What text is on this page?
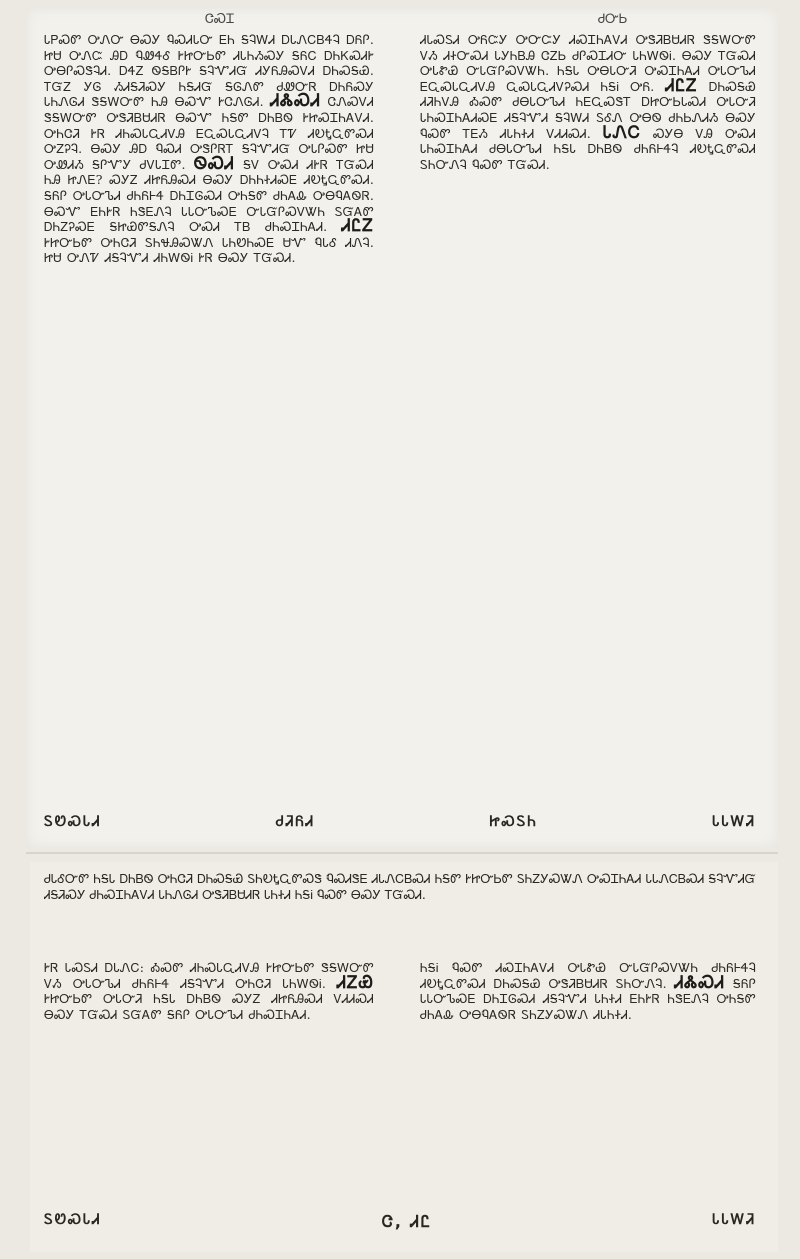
ᏣᏍᏆ	ᏧᏅᏏ
ᏓᏢᏍᏛ ᎤᏁᏅ ᎾᏍᎩ ᏄᏍᏗᏓᏅ ᎬᏂ ᎦᎸᎳᏗ ᎠᏓᏁᏟᏴᏎᎸ ᎠᏲᎵ. ᏥᏌ ᎤᏁᏨ ᎯᎠ ᏄᏪᏎᎴ ᎨᏥᏅᏏᏛ ᏗᏓᏂᏱᏍᎩ ᎦᏲᏟ ᎠᏂᏦᏍᏗᎨ ᎤᎾᎵᏍᏕᎸᏗ. ᎠᏎᏃ ᏫᎦᏴᎵᎨ ᎦᎸᏉᏗᏳ ᏗᎩᏲᎯᏍᏙᏗ ᎠᏂᏍᎦᏯ. ᎢᏳᏃ ᎩᎶ ᏱᏗᎦᏘᏍᎩ ᏂᎦᏗᏳ ᎦᎶᏁᏛ ᏧᏪᏅᏒ ᎠᏂᏲᏍᎩ ᏓᏂᏁᎶᏗ ᏕᎦᎳᏅᏛ ᏂᎯ ᎾᏍᏉ ᎨᏣᏁᎶᏗ. ᏗᏜᏍᏗ ᏣᏁᏍᏙᏗ ᏕᎦᎳᏅᏛ ᎤᏕᏘᏴᏌᏗᏒ ᎾᏍᏉ ᏂᎦᏛ ᎠᏂᏴᏫ ᎨᏥᏍᏆᏂᎪᏙᏗ. ᎤᏂᏣᏘ ᎨᏒ ᏗᏂᏍᏓᏩᏗᏙᎯ ᎬᏩᏍᏓᏩᏗᏙᎸ ᎢᏤ ᏗᎧᎿᏩᏛᏍᏗ ᎤᏃᎮᎸ. ᎾᏍᎩ ᎯᎠ ᏄᏍᏗ ᎤᏕᎵᏒᎢ ᎦᎸᏉᏗᏳ ᎤᏓᎵᏍᏛ ᏥᏌ ᎤᏪᏗᏱ ᎦᎵᏉᎩ ᏧᏙᏓᏆᏛ. ᏫᏍᏗ ᎦᏙ ᎤᏍᏗ ᏗᎨᏒ ᎢᏳᏍᏗ ᏂᎯ ᏥᏁᎬ? ᏍᎩᏃ ᏗᏥᏲᎯᏍᏗ ᎾᏍᎩ ᎠᏂᏂᏐᏗᏍᎬ ᏗᎧᎿᏩᏛᏍᏗ. ᎦᏲᎵ ᎤᏓᏅᏖᏗ ᏧᏂᏲᎰᏎ ᎠᏂᏆᎶᏍᏗ ᎤᏂᎦᏛ ᏧᏂᎪᎲ ᎤᎾᏄᎪᏫᏒ. ᎾᏍᏉ ᎬᏂᎨᏒ ᏂᏕᎬᏁᎸ ᏓᏓᏅᏖᏍᎬ ᏅᏓᏳᎵᏍᏙᏔᏂ ᏚᏳᎪᏛ ᎠᏂᏃᎮᏍᎬ ᎦᏥᏯᏛᎦᏁᎸ ᎤᏍᏗ ᎢᏴ ᏧᏂᏍᏆᏂᎪᏗ. ᏗᏝᏃ ᎨᏥᏅᏏᏛ ᎤᏂᏣᏘ ᏚᏂᏠᎯᏍᏔᏁ ᏓᏂᏬᏂᏍᎬ ᏌᏉ ᏄᏓᎴ ᏗᏁᎸ. ᏥᏌ ᎤᏁᏤ ᏗᎦᎸᏉᏗ ᏗᏂᎳᏫᎥ ᎨᏒ ᎾᏍᎩ ᎢᏳᏍᏗ.
ᏗᏓᏍᏚᏗ ᎤᏲᏨᎩ ᎤᏅᏨᎩ ᏗᏍᏆᏂᎪᏙᏗ ᎤᏕᏘᏴᏌᏗᏒ ᏕᎦᎳᏅᏛ ᏙᏱ ᏗᏐᏅᏍᏗ ᏓᎩᏂᏴᎯ ᏣᏃᏏ ᏧᎵᏍᏆᏗᏅ ᏓᏂᎳᏫᎥ. ᎾᏍᎩ ᎢᏳᏍᏗ ᎤᏓᏑᏯ ᏅᏓᏳᎵᏍᏙᏔᏂ. ᏂᎦᏓ ᎤᎾᏓᏅᏘ ᎤᏍᏆᏂᎪᏗ ᎤᏓᏅᏖᏗ ᎬᏩᏍᏓᏩᏗᏙᎯ ᏩᏍᏓᏩᏗᏙᎮᏍᏗ ᏂᎦᎥ ᎤᏲ. ᏗᏝᏃ ᎠᏂᏍᎦᏯ ᏗᏘᏂᏙᎯ ᎣᏍᏛ ᏧᎾᏓᏅᏖᏗ ᏂᎬᏩᏍᏕᎢ ᎠᏥᏅᏏᏓᏍᏗ ᎤᏓᏅᏘ ᏓᏂᏍᏆᏂᎪᏗᏍᎬ ᏗᎦᎸᏉᏗ ᎦᎸᎳᏗ ᏚᎴᏁ ᎤᎾᏫ ᏧᏂᏏᏁᏗᏱ ᎾᏍᎩ ᏄᏍᏛ ᎢᎬᏱ ᏗᏓᏂᏐᏗ ᏙᏗᏗᏍᏗ. ᏓᏁᏟ ᏍᎩᎾ ᏙᎯ ᎤᏍᏗ ᏓᏂᏍᏆᏂᎪᏗ ᏧᎾᏓᏅᏖᏗ ᏂᎦᏓ ᎠᏂᏴᏫ ᏧᏂᏲᎰᏎᎸ ᏗᎧᎿᏩᏛᏍᏗ ᏚᏂᏅᏁᎸ ᏄᏍᏛ ᎢᏳᏍᏗ.
ᏚᏬᏍᏓᏗ	ᏧᏘᏲᏗ	ᏥᏍᏚᏂ	ᏓᏓᎳᏘ
ᏧᏓᎴᏅᏛ ᏂᎦᏓ ᎠᏂᏴᏫ ᎤᏂᏣᏘ ᎠᏂᏍᎦᏯ ᏚᏂᎧᎿᏩᏛᏍᏕ ᏄᏍᏗᏕᎬ ᏗᏓᏁᏟᏴᏍᏗ ᏂᎦᏛ ᎨᏥᏅᏏᏛ ᏚᏂᏃᎩᏍᏔᏁ ᎤᏍᏆᏂᎪᏗ ᏓᏓᏁᏟᏴᏍᏗ ᎦᎸᏉᏗᏳ ᏗᎦᏘᏍᎩ ᏧᏂᏍᏆᏂᎪᏙᏗ ᏓᏂᏁᎶᏗ ᎤᏕᏘᏴᏌᏗᏒ ᏓᏂᏐᏗ ᏂᎦᎥ ᏄᏍᏛ ᎾᏍᎩ ᎢᏳᏍᏗ.
ᎨᏒ ᏓᏍᏚᏗ ᎠᏓᏁᏟ: ᎣᏍᏛ ᏗᏂᏍᏓᏩᏗᏙᎯ ᎨᏥᏅᏏᏛ ᏕᎦᎳᏅᏛ ᏙᏱ ᎤᏓᏅᏖᏗ ᏧᏂᏲᎰᏎ ᏗᎦᎸᏉᏗ ᎤᏂᏣᏘ ᏓᏂᎳᏫᎥ. ᏗᏃᏯ ᎨᏥᏅᏏᏛ ᎤᏓᏅᏘ ᏂᎦᏓ ᎠᏂᏴᏫ ᏍᎩᏃ ᏗᏥᏲᎯᏍᏗ ᏙᏗᏗᏍᏗ ᎾᏍᎩ ᎢᏳᏍᏗ ᏚᏳᎪᏛ ᎦᏲᎵ ᎤᏓᏅᏖᏗ ᏧᏂᏍᏆᏂᎪᏗ.
ᏂᎦᎥ ᏄᏍᏛ ᏗᏍᏆᏂᎪᏙᏗ ᎤᏓᏑᏯ ᏅᏓᏳᎵᏍᏙᏔᏂ ᏧᏂᏲᎰᏎᎸ ᏗᎧᎿᏩᏛᏍᏗ ᎠᏂᏍᎦᏯ ᎤᏕᏘᏴᏌᏗᏒ ᏚᏂᏅᏁᎸ. ᏗᏜᏍᏗ ᎦᏲᎵ ᏓᏓᏅᏖᏍᎬ ᎠᏂᏆᎶᏍᏗ ᏗᎦᎸᏉᏗ ᏓᏂᏐᏗ ᎬᏂᎨᏒ ᏂᏕᎬᏁᎸ ᎤᏂᎦᏛ ᏧᏂᎪᎲ ᎤᎾᏄᎪᏫᏒ ᏚᏂᏃᎩᏍᏔᏁ ᏗᏓᏂᏐᏗ.
ᏚᏬᏍᏓᏗ	Ꮳ, ᏗᏝ	ᏓᏓᎳᏘ
